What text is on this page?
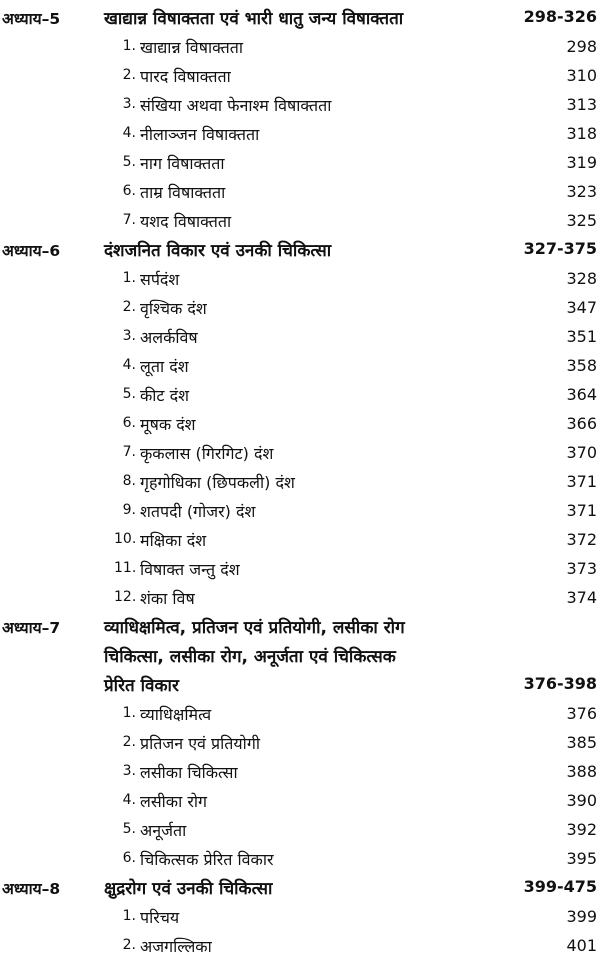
अध्याय–5	खाद्यान्न विषाक्तता एवं भारी धातु जन्य विषाक्तता	298-326
1. खाद्यान्न विषाक्तता	298
2. पारद विषाक्तता	310
3. संखिया अथवा फेनाश्म विषाक्तता	313
4. नीलाञ्जन विषाक्तता	318
5. नाग विषाक्तता	319
6. ताम्र विषाक्तता	323
7. यशद विषाक्तता	325
अध्याय–6	दंशजनित विकार एवं उनकी चिकित्सा	327-375
1. सर्पदंश	328
2. वृश्चिक दंश	347
3. अलर्कविष	351
4. लूता दंश	358
5. कीट दंश	364
6. मूषक दंश	366
7. कृकलास (गिरगिट) दंश	370
8. गृहगोधिका (छिपकली) दंश	371
9. शतपदी (गोजर) दंश	371
10. मक्षिका दंश	372
11. विषाक्त जन्तु दंश	373
12. शंका विष	374
अध्याय–7	व्याधिक्षमित्व, प्रतिजन एवं प्रतियोगी, लसीका रोग
चिकित्सा, लसीका रोग, अनूर्जता एवं चिकित्सक
प्रेरित विकार	376-398
1. व्याधिक्षमित्व	376
2. प्रतिजन एवं प्रतियोगी	385
3. लसीका चिकित्सा	388
4. लसीका रोग	390
5. अनूर्जता	392
6. चिकित्सक प्रेरित विकार	395
अध्याय–8	क्षुद्ररोग एवं उनकी चिकित्सा	399-475
1. परिचय	399
2. अजगल्लिका	401
